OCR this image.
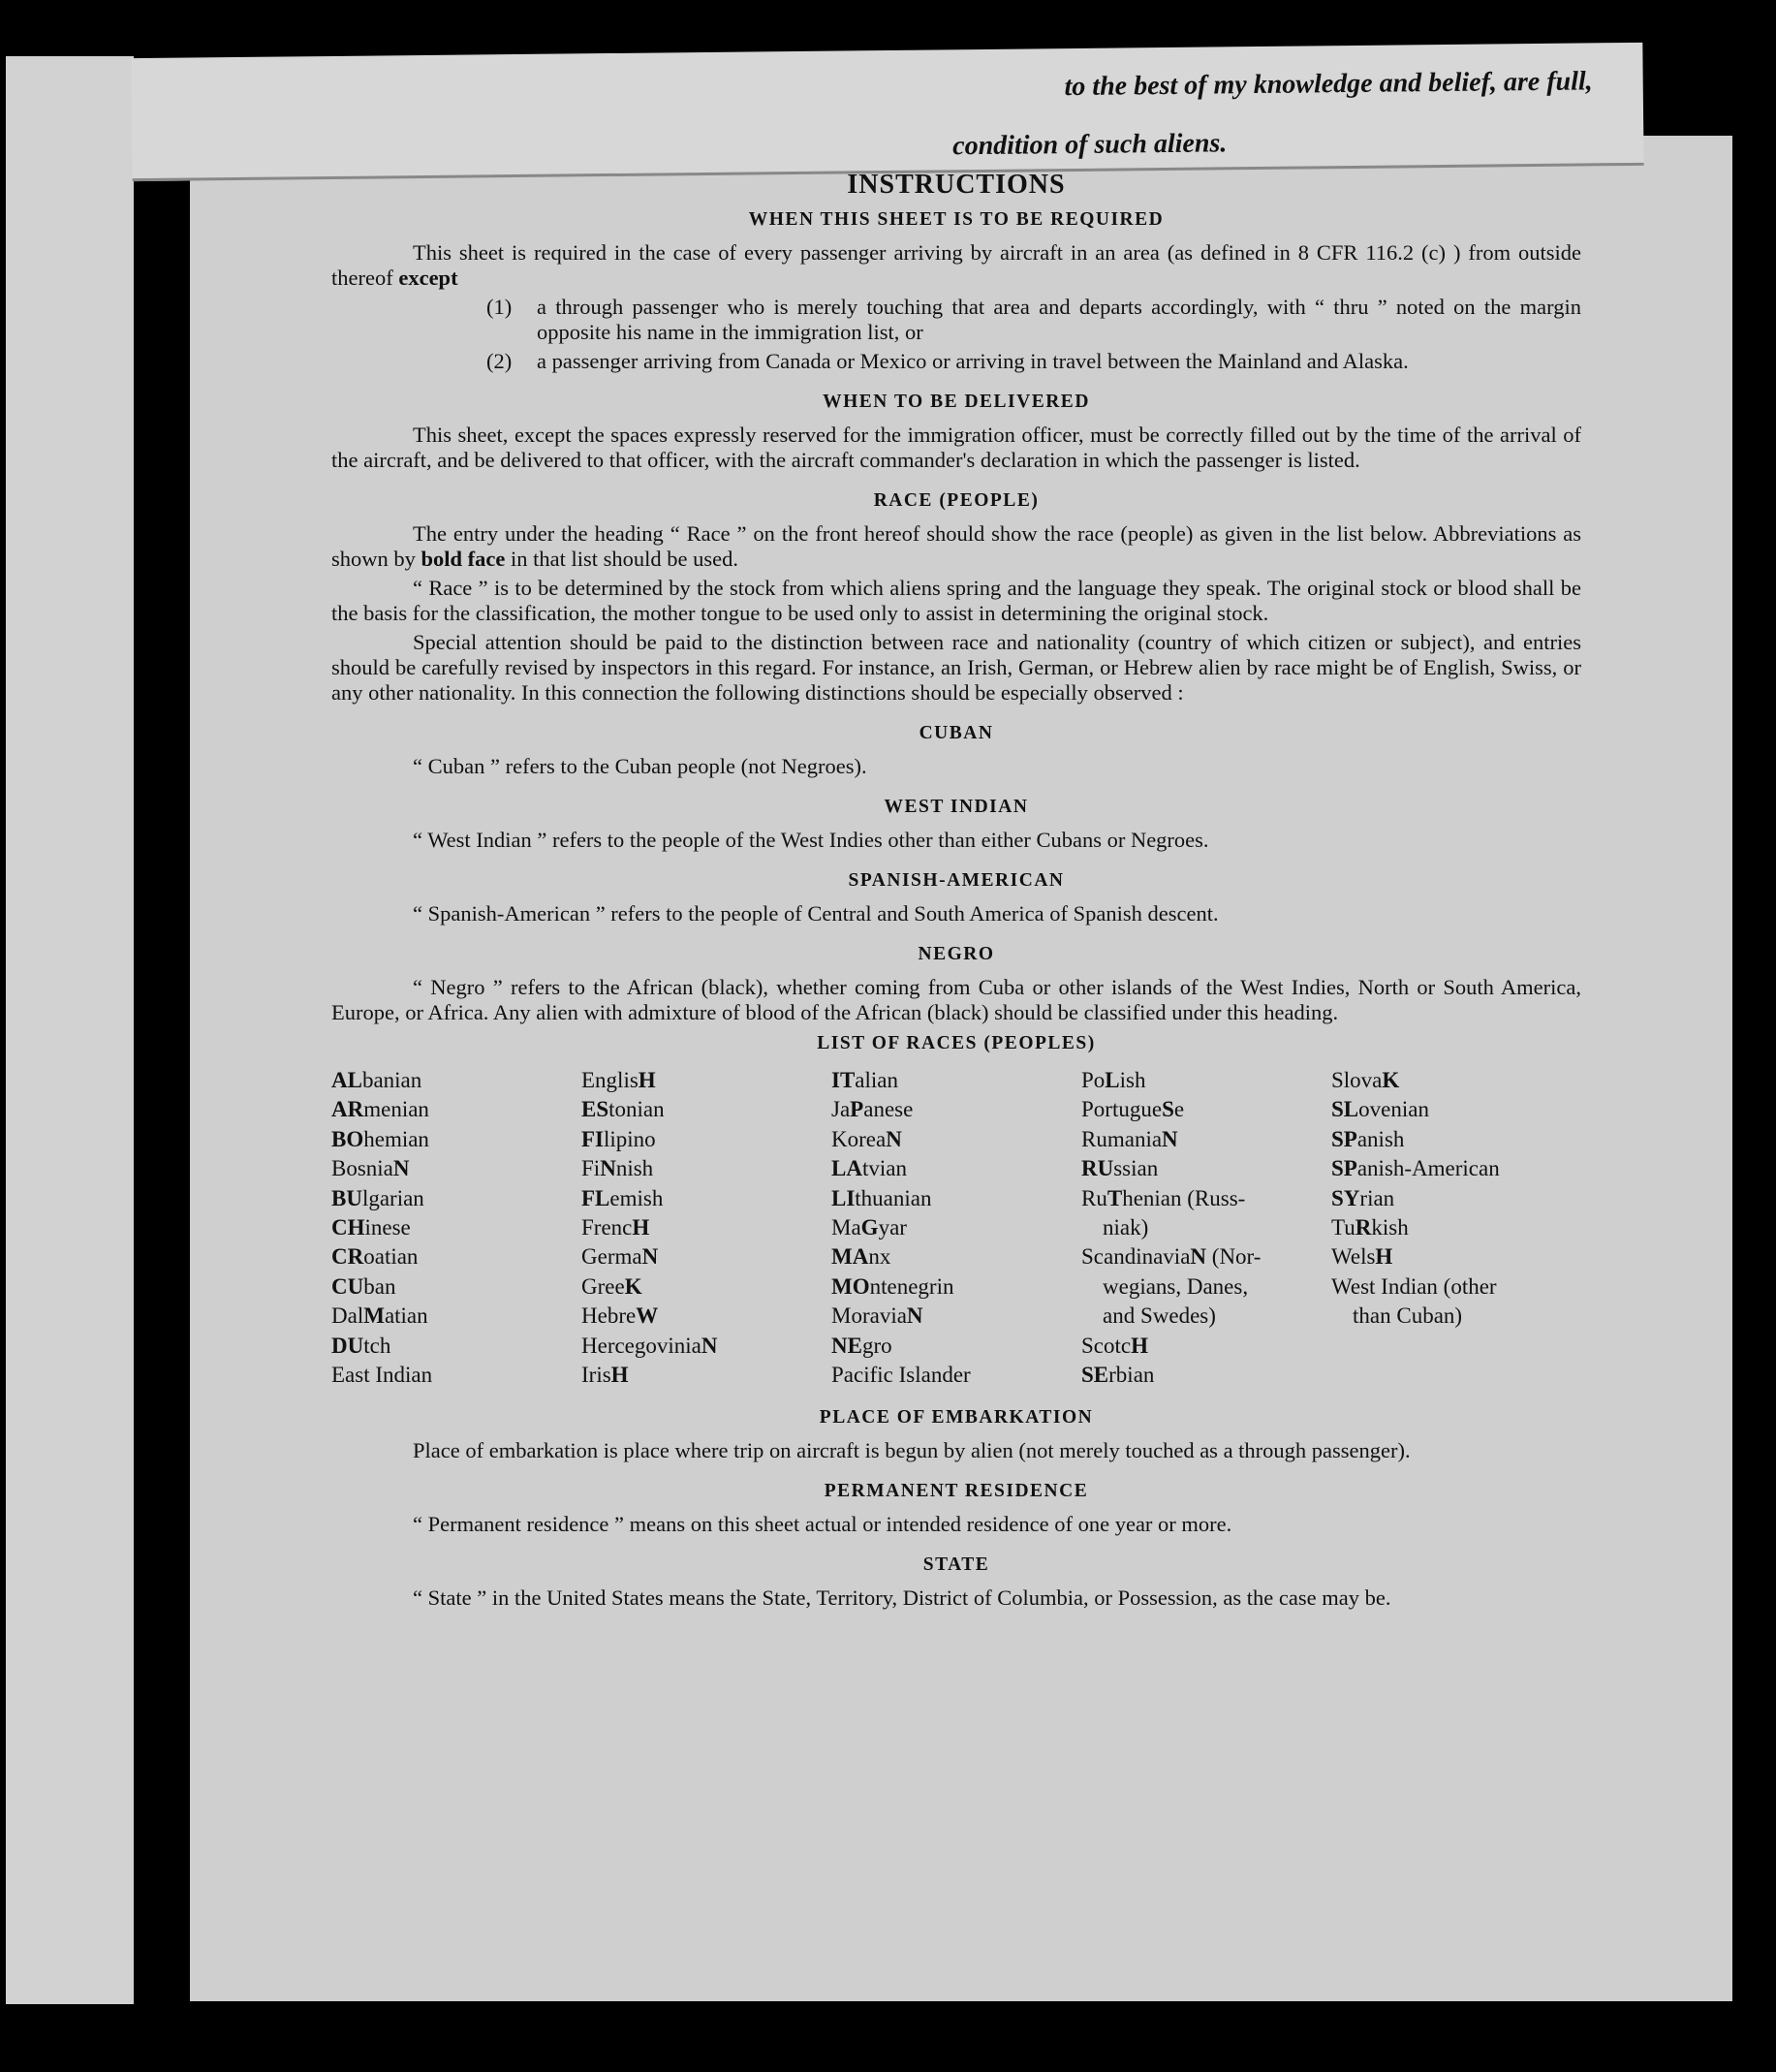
to the best of my knowledge and belief, are full,
condition of such aliens.
INSTRUCTIONS
WHEN THIS SHEET IS TO BE REQUIRED

This sheet is required in the case of every passenger arriving by aircraft in an area (as defined in 8 CFR 116.2 (c) ) from outside thereof except

(1)	a through passenger who is merely touching that area and departs accordingly, with “ thru ” noted on the margin opposite his name in the immigration list, or
(2)	a passenger arriving from Canada or Mexico or arriving in travel between the Mainland and Alaska.
WHEN TO BE DELIVERED

This sheet, except the spaces expressly reserved for the immigration officer, must be correctly filled out by the time of the arrival of the aircraft, and be delivered to that officer, with the aircraft commander's declaration in which the passenger is listed.

RACE (PEOPLE)

The entry under the heading “ Race ” on the front hereof should show the race (people) as given in the list below. Abbreviations as shown by bold face in that list should be used.

“ Race ” is to be determined by the stock from which aliens spring and the language they speak. The original stock or blood shall be the basis for the classification, the mother tongue to be used only to assist in determining the original stock.

Special attention should be paid to the distinction between race and nationality (country of which citizen or subject), and entries should be carefully revised by inspectors in this regard. For instance, an Irish, German, or Hebrew alien by race might be of English, Swiss, or any other nationality. In this connection the following distinctions should be especially observed :

CUBAN

“ Cuban ” refers to the Cuban people (not Negroes).

WEST INDIAN

“ West Indian ” refers to the people of the West Indies other than either Cubans or Negroes.

SPANISH-AMERICAN

“ Spanish-American ” refers to the people of Central and South America of Spanish descent.

NEGRO

“ Negro ” refers to the African (black), whether coming from Cuba or other islands of the West Indies, North or South America, Europe, or Africa. Any alien with admixture of blood of the African (black) should be classified under this heading.

LIST OF RACES (PEOPLES)
ALbanian
ARmenian
BOhemian
BosniaN
BUlgarian
CHinese
CRoatian
CUban
DalMatian
DUtch
East Indian
EnglisH
EStonian
FIlipino
FiNnish
FLemish
FrencH
GermaN
GreeK
HebreW
HercegoviniaN
IrisH
ITalian
JaPanese
KoreaN
LAtvian
LIthuanian
MaGyar
MAnx
MOntenegrin
MoraviaN
NEgro
Pacific Islander
PoLish
PortugueSe
RumaniaN
RUssian
RuThenian (Russ-
niak)
ScandinaviaN (Nor-
wegians, Danes,
and Swedes)
ScotcH
SErbian
SlovaK
SLovenian
SPanish
SPanish-American
SYrian
TuRkish
WelsH
West Indian (other
than Cuban)
PLACE OF EMBARKATION

Place of embarkation is place where trip on aircraft is begun by alien (not merely touched as a through passenger).

PERMANENT RESIDENCE

“ Permanent residence ” means on this sheet actual or intended residence of one year or more.

STATE

“ State ” in the United States means the State, Territory, District of Columbia, or Possession, as the case may be.
